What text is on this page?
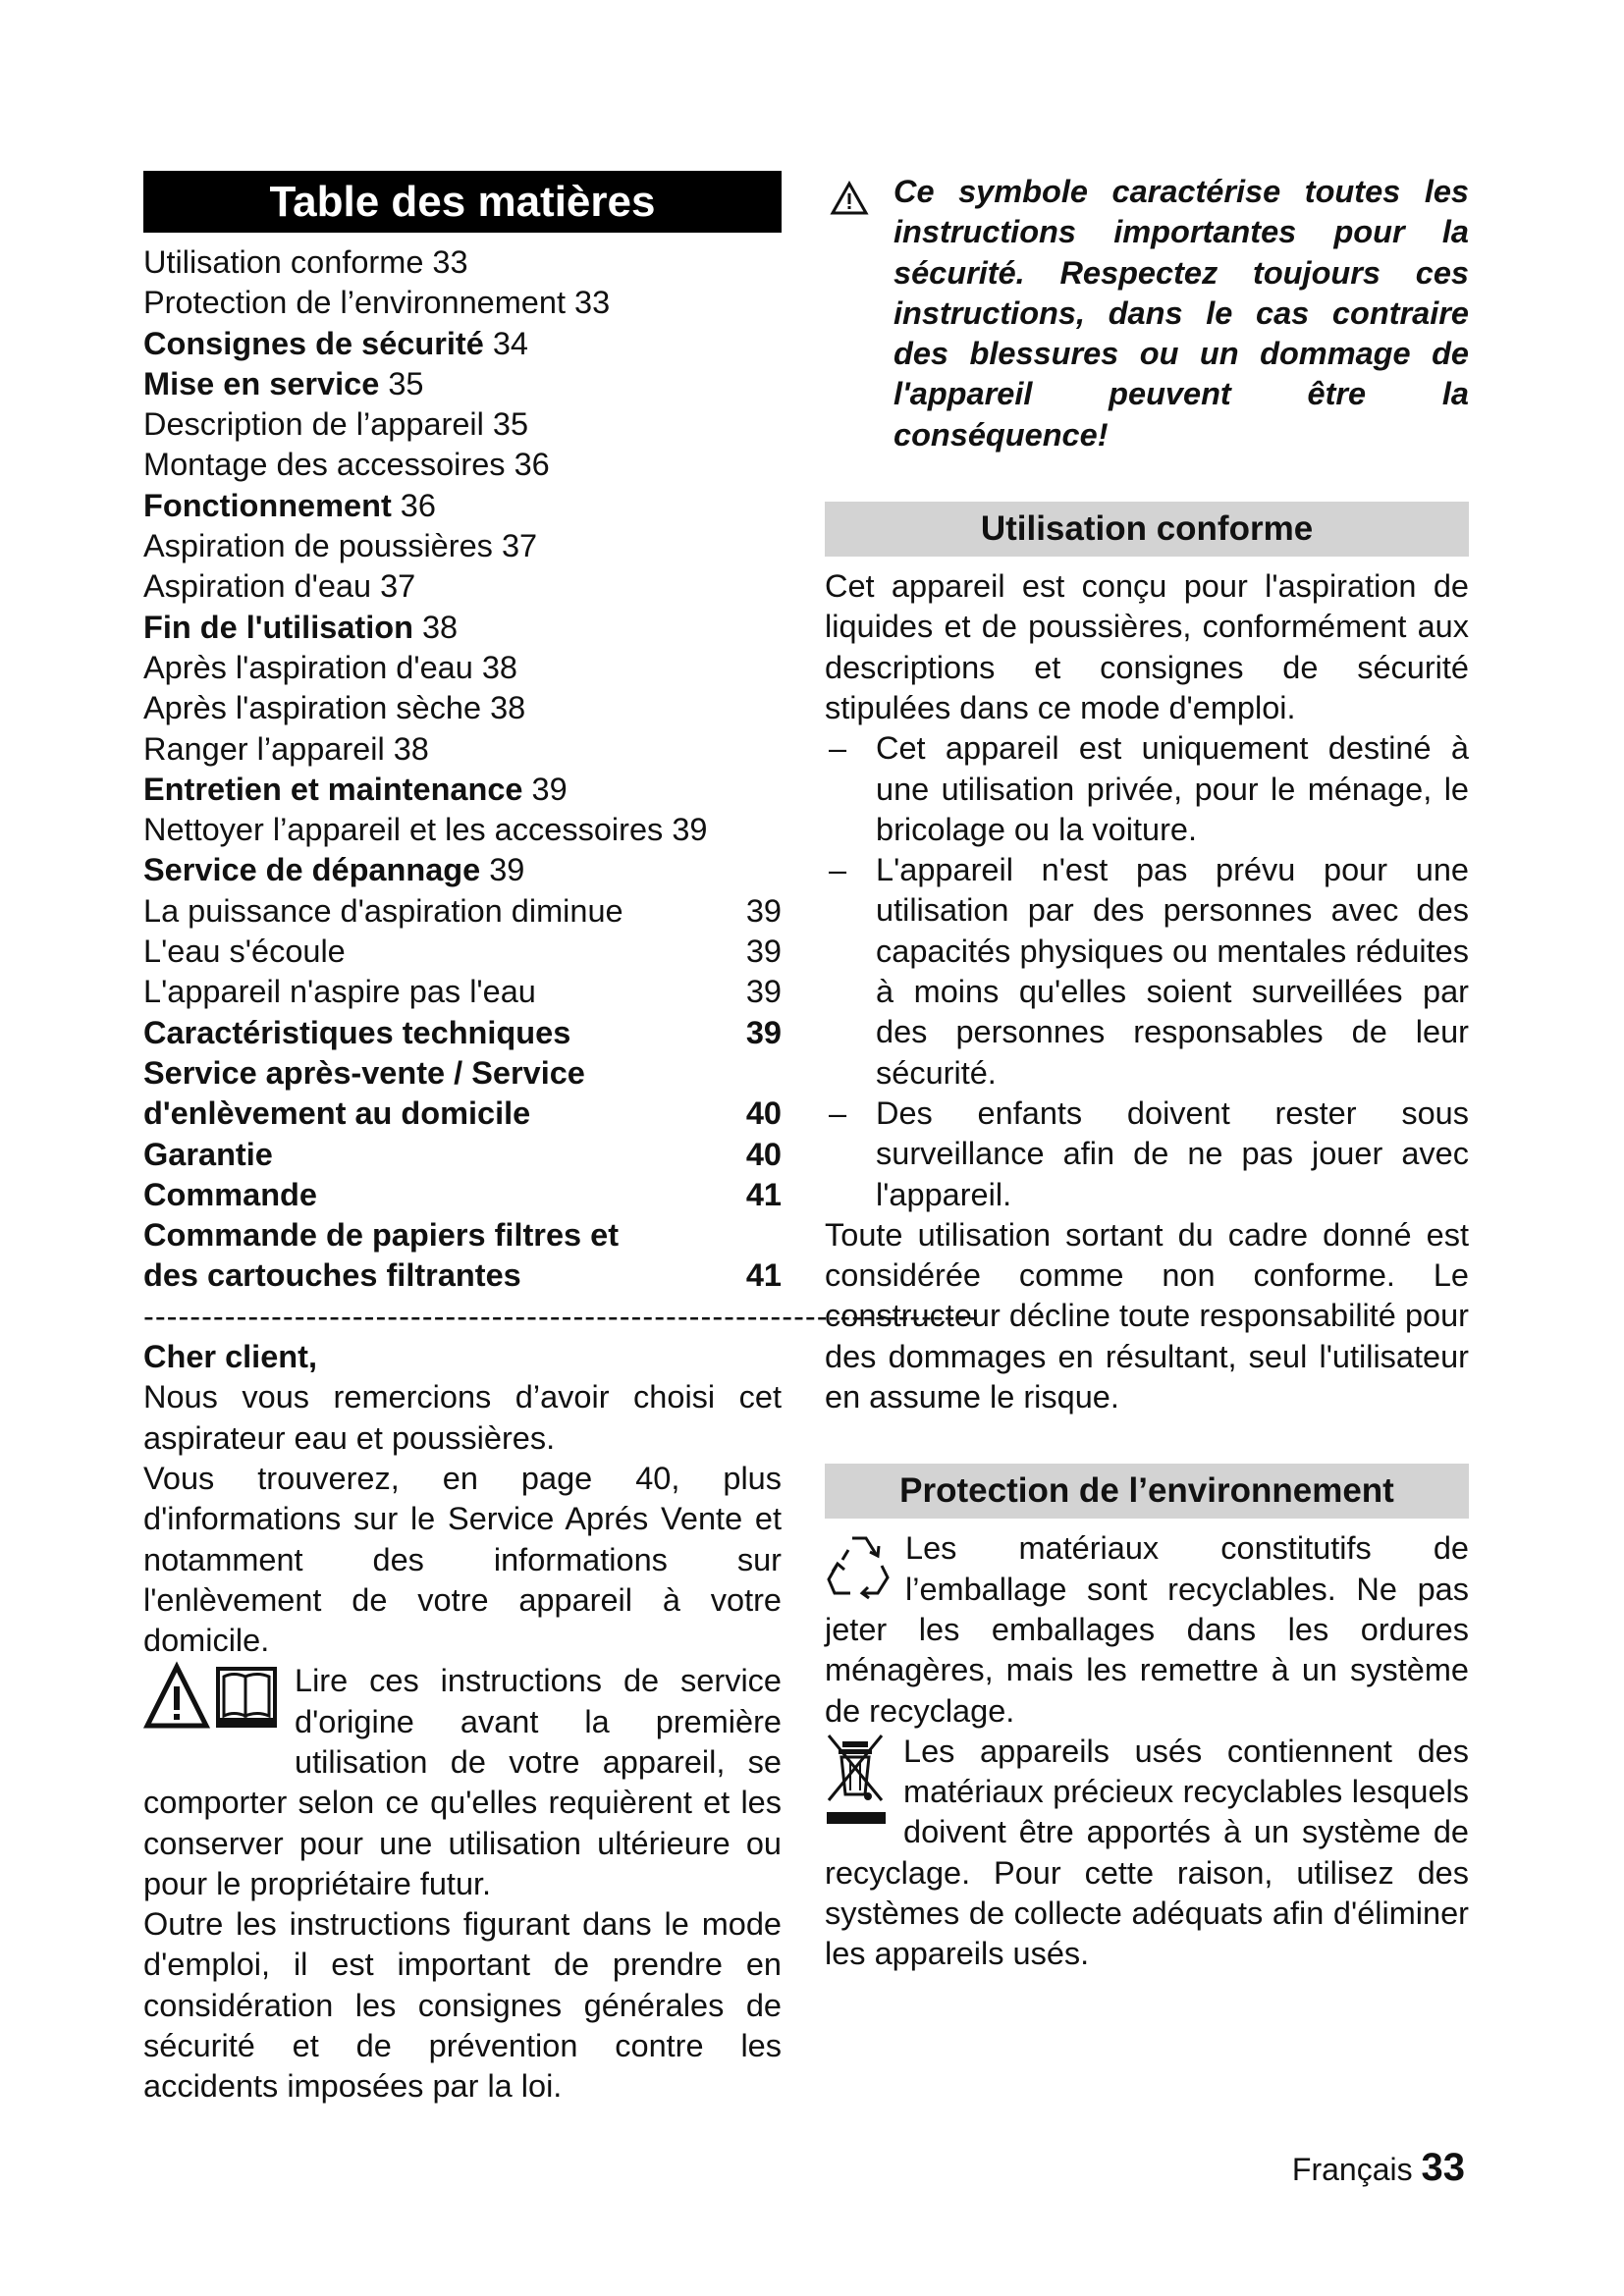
Table des matières
Utilisation conforme 33
Protection de l’environnement 33
Consignes de sécurité 34
Mise en service 35
Description de l’appareil 35
Montage des accessoires 36
Fonctionnement 36
Aspiration de poussières 37
Aspiration d'eau 37
Fin de l'utilisation 38
Après l'aspiration d'eau 38
Après l'aspiration sèche 38
Ranger l’appareil 38
Entretien et maintenance 39
Nettoyer l’appareil et les accessoires 39
Service de dépannage 39
La puissance d'aspiration diminue	39
L'eau s'écoule	39
L'appareil n'aspire pas l'eau	39
Caractéristiques techniques	39
Service après-vente / Service
d'enlèvement au domicile	40
Garantie	40
Commande	41
Commande de papiers filtres et
des cartouches filtrantes	41
------------------------------------------------------------------------
Cher client,
Nous vous remercions d’avoir choisi cet aspirateur eau et poussières.
Vous trouverez, en page 40, plus d'informations sur le Service Aprés Vente et notamment des informations sur l'enlèvement de votre appareil à votre domicile.
Lire ces instructions de service d'origine avant la première utilisation de votre appareil, se comporter selon ce qu'elles requièrent et les conserver pour une utilisation ultérieure ou pour le propriétaire futur.
Outre les instructions figurant dans le mode d'emploi, il est important de prendre en considération les consignes générales de sécurité et de prévention contre les accidents imposées par la loi.
Ce symbole caractérise toutes les instructions importantes pour la sécurité. Respectez toujours ces instructions, dans le cas contraire des blessures ou un dommage de l'appareil peuvent être la conséquence!
Utilisation conforme
Cet appareil est conçu pour l'aspiration de liquides et de poussières, conformément aux descriptions et consignes de sécurité stipulées dans ce mode d'emploi.
– Cet appareil est uniquement destiné à une utilisation privée, pour le ménage, le bricolage ou la voiture.
– L'appareil n'est pas prévu pour une utilisation par des personnes avec des capacités physiques ou mentales réduites à moins qu'elles soient surveillées par des personnes responsables de leur sécurité.
– Des enfants doivent rester sous surveillance afin de ne pas jouer avec l'appareil.
Toute utilisation sortant du cadre donné est considérée comme non conforme. Le constructeur décline toute responsabilité pour des dommages en résultant, seul l'utilisateur en assume le risque.
Protection de l’environnement
Les matériaux constitutifs de l’emballage sont recyclables. Ne pas jeter les emballages dans les ordures ménagères, mais les remettre à un système de recyclage.
Les appareils usés contiennent des matériaux précieux recyclables lesquels doivent être apportés à un système de recyclage. Pour cette raison, utilisez des systèmes de collecte adéquats afin d'éliminer les appareils usés.
Français 33
